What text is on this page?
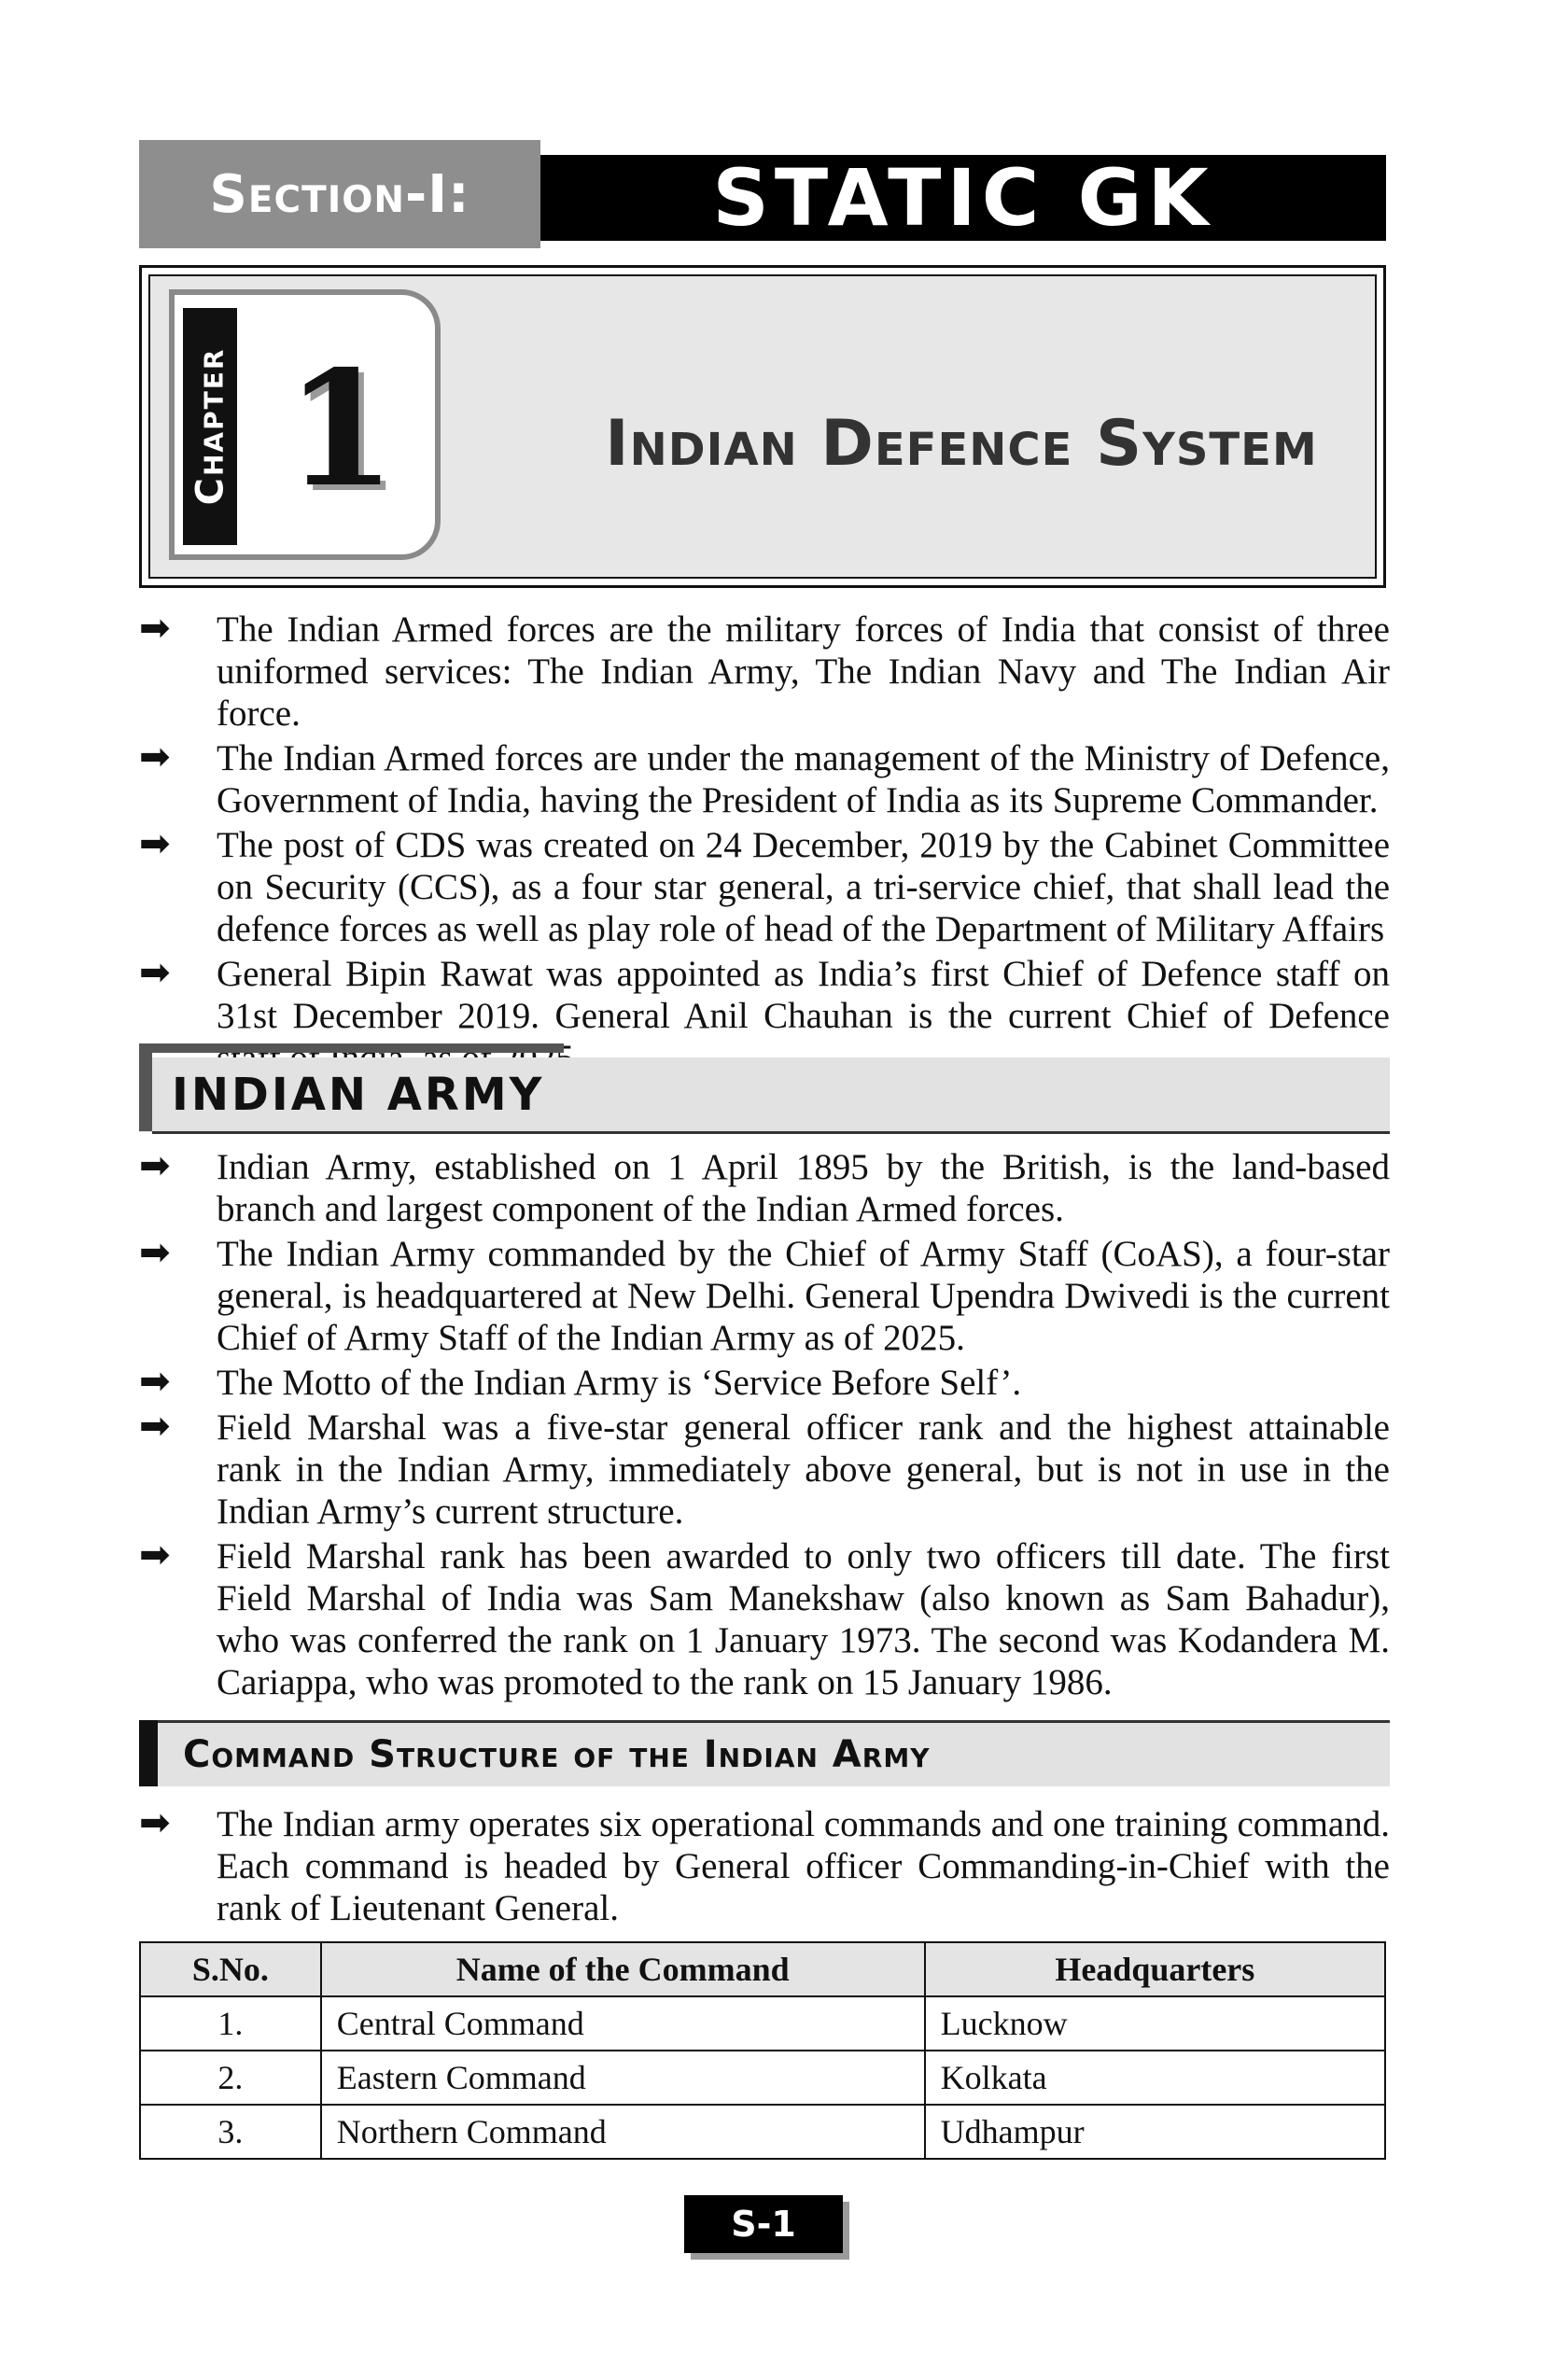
Section-I:	STATIC GK
Chapter 1	Indian Defence System
➡	The Indian Armed forces are the military forces of India that consist of three uniformed services: The Indian Army, The Indian Navy and The Indian Air force.
➡	The Indian Armed forces are under the management of the Ministry of Defence, Government of India, having the President of India as its Supreme Commander.
➡	The post of CDS was created on 24 December, 2019 by the Cabinet Committee on Security (CCS), as a four star general, a tri-service chief, that shall lead the defence forces as well as play role of head of the Department of Military Affairs
➡	General Bipin Rawat was appointed as India’s first Chief of Defence staff on 31st December 2019. General Anil Chauhan is the current Chief of Defence
INDIAN ARMY
➡	Indian Army, established on 1 April 1895 by the British, is the land-based branch and largest component of the Indian Armed forces.
➡	The Indian Army commanded by the Chief of Army Staff (CoAS), a four-star general, is headquartered at New Delhi. General Upendra Dwivedi is the current Chief of Army Staff of the Indian Army as of 2025.
➡	The Motto of the Indian Army is ‘Service Before Self’.
➡	Field Marshal was a five-star general officer rank and the highest attainable rank in the Indian Army, immediately above general, but is not in use in the Indian Army’s current structure.
➡	Field Marshal rank has been awarded to only two officers till date. The first Field Marshal of India was Sam Manekshaw (also known as Sam Bahadur), who was conferred the rank on 1 January 1973. The second was Kodandera M. Cariappa, who was promoted to the rank on 15 January 1986.
Command Structure of the Indian Army
➡	The Indian army operates six operational commands and one training command. Each command is headed by General officer Commanding-in-Chief with the rank of Lieutenant General.
S.No.	Name of the Command	Headquarters
1.	Central Command	Lucknow
2.	Eastern Command	Kolkata
3.	Northern Command	Udhampur
S-1
